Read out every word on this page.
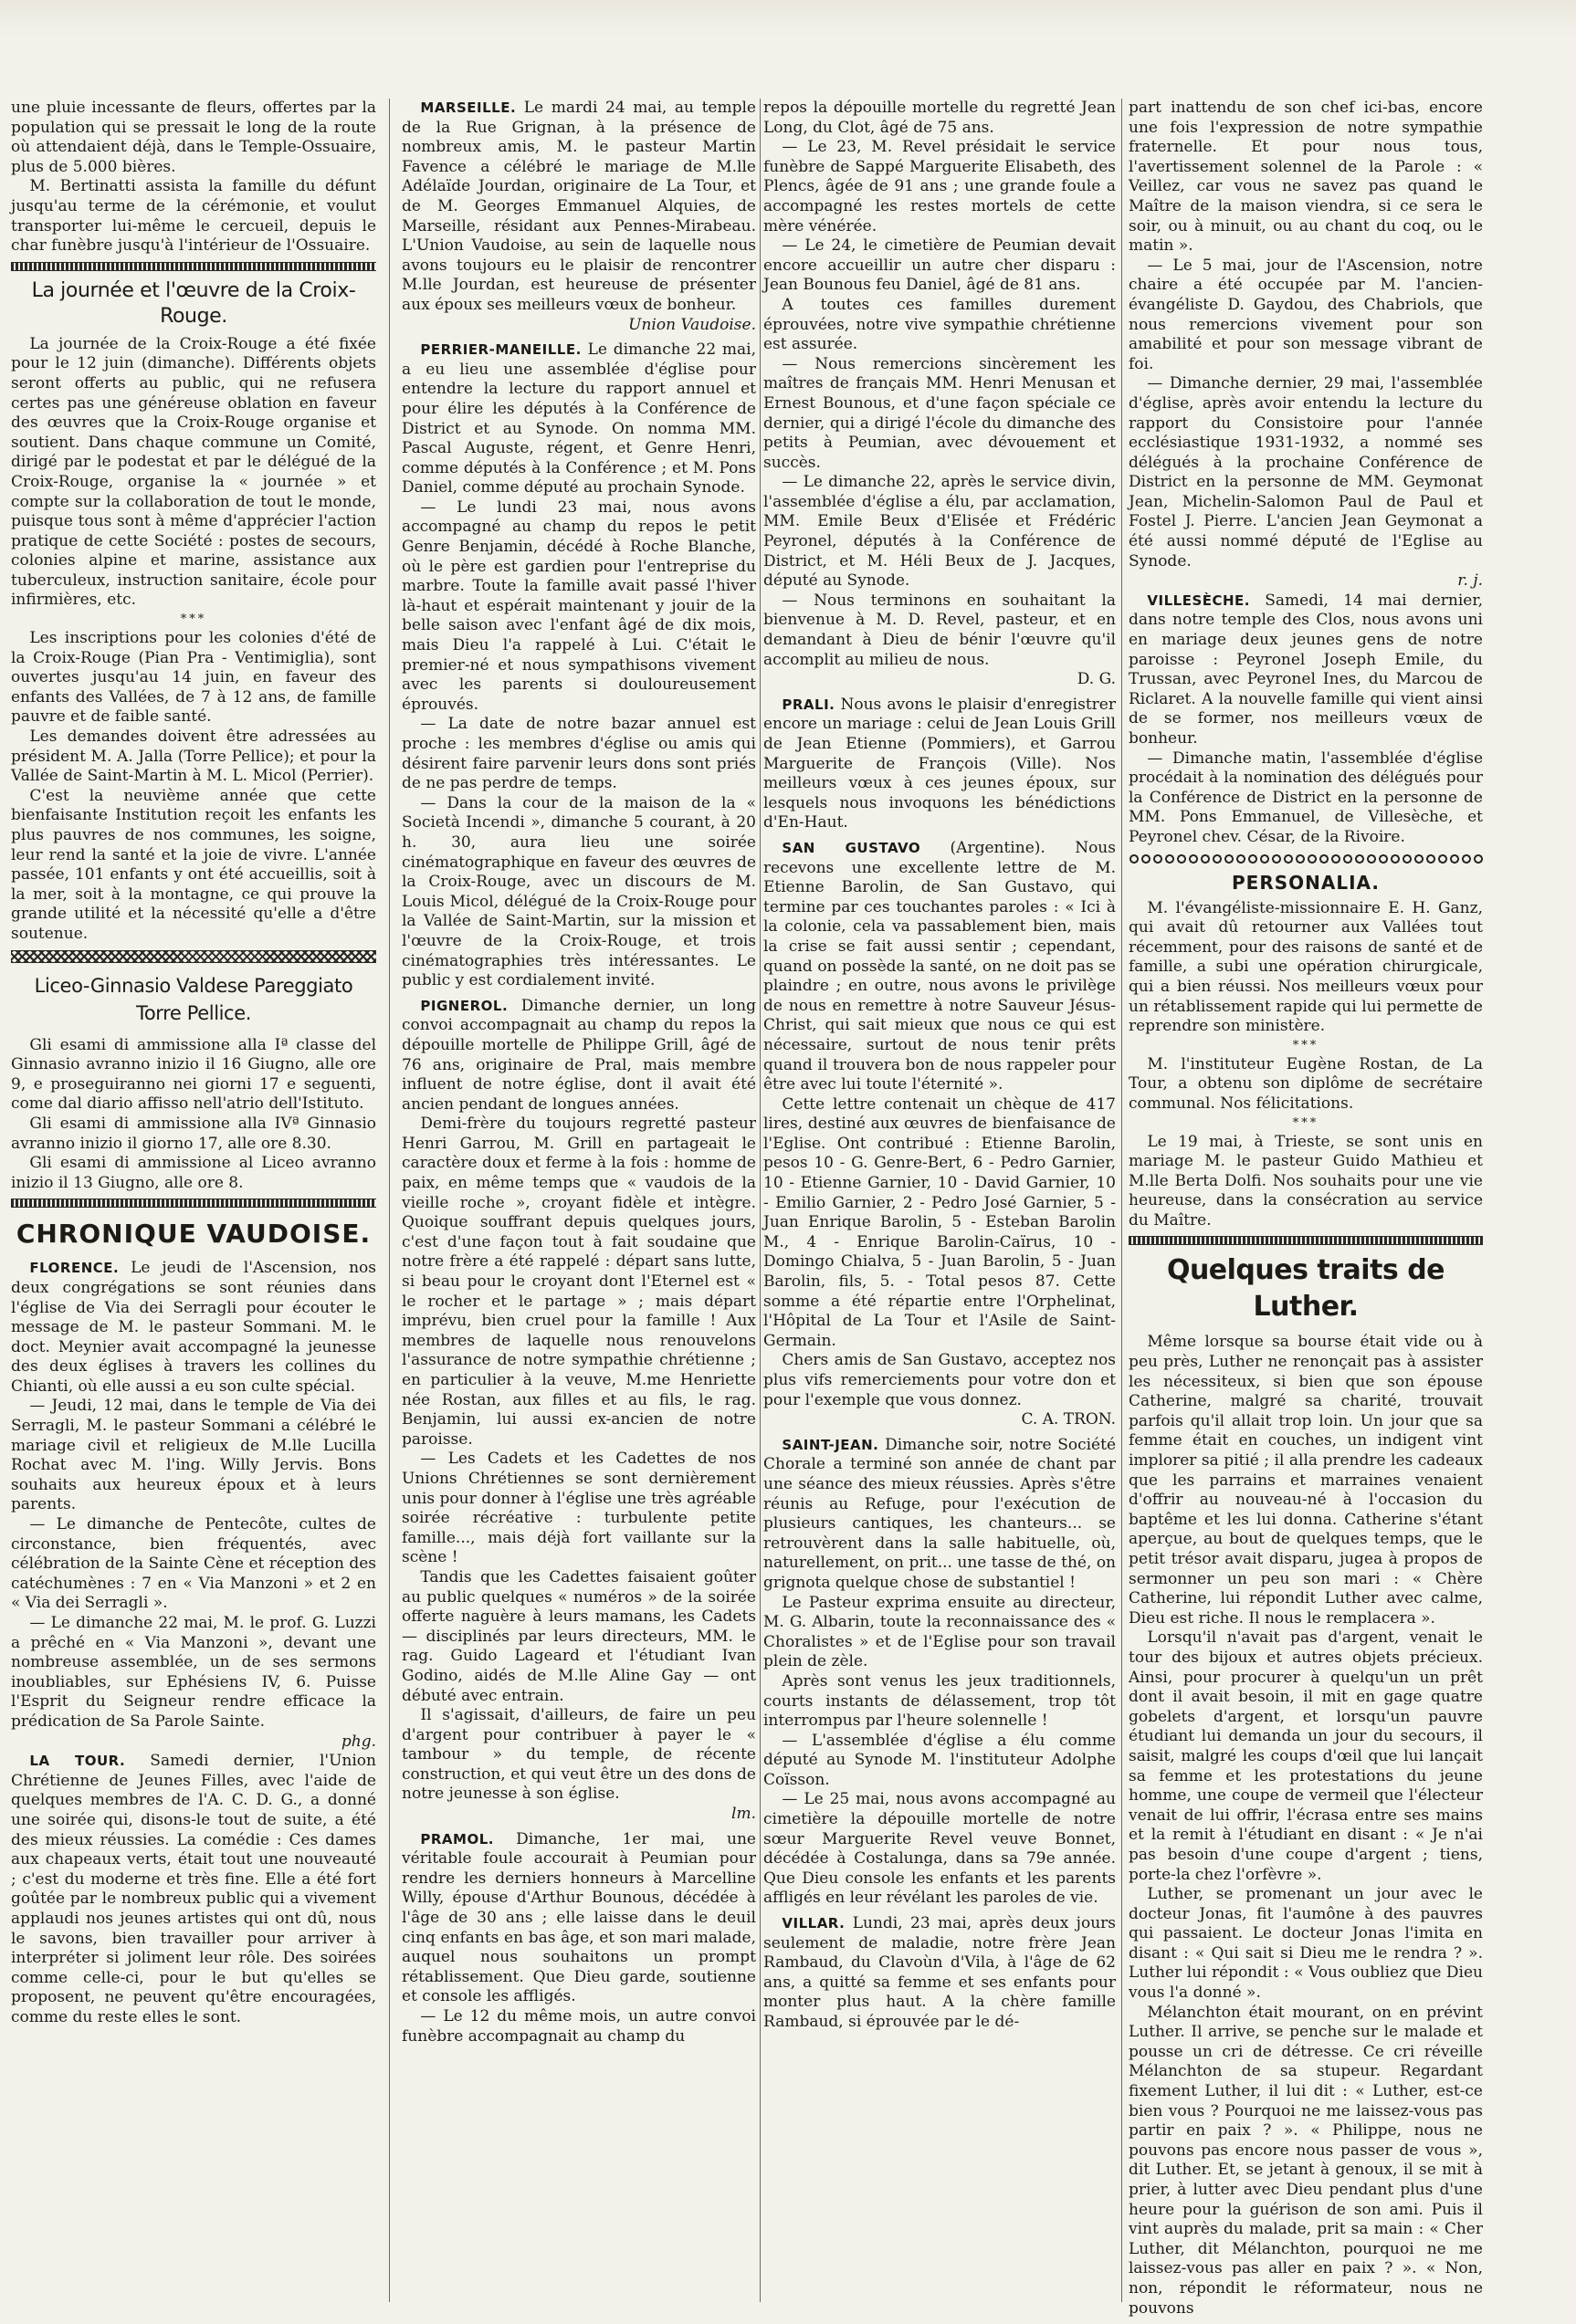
une pluie incessante de fleurs, offertes par la population qui se pressait le long de la route où attendaient déjà, dans le Temple-Ossuaire, plus de 5.000 bières.

M. Bertinatti assista la famille du défunt jusqu'au terme de la cérémonie, et voulut transporter lui-même le cercueil, depuis le char funèbre jusqu'à l'intérieur de l'Ossuaire.

La journée et l'œuvre de la Croix-Rouge.

La journée de la Croix-Rouge a été fixée pour le 12 juin (dimanche). Différents objets seront offerts au public, qui ne refusera certes pas une généreuse oblation en faveur des œuvres que la Croix-Rouge organise et soutient. Dans chaque commune un Comité, dirigé par le podestat et par le délégué de la Croix-Rouge, organise la « journée » et compte sur la collaboration de tout le monde, puisque tous sont à même d'apprécier l'action pratique de cette Société : postes de secours, colonies alpine et marine, assistance aux tuberculeux, instruction sanitaire, école pour infirmières, etc.

***

Les inscriptions pour les colonies d'été de la Croix-Rouge (Pian Pra - Ventimiglia), sont ouvertes jusqu'au 14 juin, en faveur des enfants des Vallées, de 7 à 12 ans, de famille pauvre et de faible santé.

Les demandes doivent être adressées au président M. A. Jalla (Torre Pellice); et pour la Vallée de Saint-Martin à M. L. Micol (Perrier).

C'est la neuvième année que cette bienfaisante Institution reçoit les enfants les plus pauvres de nos communes, les soigne, leur rend la santé et la joie de vivre. L'année passée, 101 enfants y ont été accueillis, soit à la mer, soit à la montagne, ce qui prouve la grande utilité et la nécessité qu'elle a d'être soutenue.

Liceo-Ginnasio Valdese Pareggiato Torre Pellice.

Gli esami di ammissione alla Iª classe del Ginnasio avranno inizio il 16 Giugno, alle ore 9, e proseguiranno nei giorni 17 e seguenti, come dal diario affisso nell'atrio dell'Istituto.

Gli esami di ammissione alla IVª Ginnasio avranno inizio il giorno 17, alle ore 8.30.

Gli esami di ammissione al Liceo avranno inizio il 13 Giugno, alle ore 8.

CHRONIQUE VAUDOISE.

FLORENCE. Le jeudi de l'Ascension, nos deux congrégations se sont réunies dans l'église de Via dei Serragli pour écouter le message de M. le pasteur Sommani. M. le doct. Meynier avait accompagné la jeunesse des deux églises à travers les collines du Chianti, où elle aussi a eu son culte spécial.

— Jeudi, 12 mai, dans le temple de Via dei Serragli, M. le pasteur Sommani a célébré le mariage civil et religieux de M.lle Lucilla Rochat avec M. l'ing. Willy Jervis. Bons souhaits aux heureux époux et à leurs parents.

— Le dimanche de Pentecôte, cultes de circonstance, bien fréquentés, avec célébration de la Sainte Cène et réception des catéchumènes : 7 en « Via Manzoni » et 2 en « Via dei Serragli ».

— Le dimanche 22 mai, M. le prof. G. Luzzi a prêché en « Via Manzoni », devant une nombreuse assemblée, un de ses sermons inoubliables, sur Ephésiens IV, 6. Puisse l'Esprit du Seigneur rendre efficace la prédication de Sa Parole Sainte.

phg.

LA TOUR. Samedi dernier, l'Union Chrétienne de Jeunes Filles, avec l'aide de quelques membres de l'A. C. D. G., a donné une soirée qui, disons-le tout de suite, a été des mieux réussies. La comédie : Ces dames aux chapeaux verts, était tout une nouveauté ; c'est du moderne et très fine. Elle a été fort goûtée par le nombreux public qui a vivement applaudi nos jeunes artistes qui ont dû, nous le savons, bien travailler pour arriver à interpréter si joliment leur rôle. Des soirées comme celle-ci, pour le but qu'elles se proposent, ne peuvent qu'être encouragées, comme du reste elles le sont.

MARSEILLE. Le mardi 24 mai, au temple de la Rue Grignan, à la présence de nombreux amis, M. le pasteur Martin Favence a célébré le mariage de M.lle Adélaïde Jourdan, originaire de La Tour, et de M. Georges Emmanuel Alquies, de Marseille, résidant aux Pennes-Mirabeau. L'Union Vaudoise, au sein de laquelle nous avons toujours eu le plaisir de rencontrer M.lle Jourdan, est heureuse de présenter aux époux ses meilleurs vœux de bonheur.

Union Vaudoise.

PERRIER-MANEILLE. Le dimanche 22 mai, a eu lieu une assemblée d'église pour entendre la lecture du rapport annuel et pour élire les députés à la Conférence de District et au Synode. On nomma MM. Pascal Auguste, régent, et Genre Henri, comme députés à la Conférence ; et M. Pons Daniel, comme député au prochain Synode.

— Le lundi 23 mai, nous avons accompagné au champ du repos le petit Genre Benjamin, décédé à Roche Blanche, où le père est gardien pour l'entreprise du marbre. Toute la famille avait passé l'hiver là-haut et espérait maintenant y jouir de la belle saison avec l'enfant âgé de dix mois, mais Dieu l'a rappelé à Lui. C'était le premier-né et nous sympathisons vivement avec les parents si douloureusement éprouvés.

— La date de notre bazar annuel est proche : les membres d'église ou amis qui désirent faire parvenir leurs dons sont priés de ne pas perdre de temps.

— Dans la cour de la maison de la « Società Incendi », dimanche 5 courant, à 20 h. 30, aura lieu une soirée cinématographique en faveur des œuvres de la Croix-Rouge, avec un discours de M. Louis Micol, délégué de la Croix-Rouge pour la Vallée de Saint-Martin, sur la mission et l'œuvre de la Croix-Rouge, et trois cinématographies très intéressantes. Le public y est cordialement invité.

PIGNEROL. Dimanche dernier, un long convoi accompagnait au champ du repos la dépouille mortelle de Philippe Grill, âgé de 76 ans, originaire de Pral, mais membre influent de notre église, dont il avait été ancien pendant de longues années.

Demi-frère du toujours regretté pasteur Henri Garrou, M. Grill en partageait le caractère doux et ferme à la fois : homme de paix, en même temps que « vaudois de la vieille roche », croyant fidèle et intègre. Quoique souffrant depuis quelques jours, c'est d'une façon tout à fait soudaine que notre frère a été rappelé : départ sans lutte, si beau pour le croyant dont l'Eternel est « le rocher et le partage » ; mais départ imprévu, bien cruel pour la famille ! Aux membres de laquelle nous renouvelons l'assurance de notre sympathie chrétienne ; en particulier à la veuve, M.me Henriette née Rostan, aux filles et au fils, le rag. Benjamin, lui aussi ex-ancien de notre paroisse.

— Les Cadets et les Cadettes de nos Unions Chrétiennes se sont dernièrement unis pour donner à l'église une très agréable soirée récréative : turbulente petite famille..., mais déjà fort vaillante sur la scène !

Tandis que les Cadettes faisaient goûter au public quelques « numéros » de la soirée offerte naguère à leurs mamans, les Cadets — disciplinés par leurs directeurs, MM. le rag. Guido Lageard et l'étudiant Ivan Godino, aidés de M.lle Aline Gay — ont débuté avec entrain.

Il s'agissait, d'ailleurs, de faire un peu d'argent pour contribuer à payer le « tambour » du temple, de récente construction, et qui veut être un des dons de notre jeunesse à son église.

lm.

PRAMOL. Dimanche, 1er mai, une véritable foule accourait à Peumian pour rendre les derniers honneurs à Marcelline Willy, épouse d'Arthur Bounous, décédée à l'âge de 30 ans ; elle laisse dans le deuil cinq enfants en bas âge, et son mari malade, auquel nous souhaitons un prompt rétablissement. Que Dieu garde, soutienne et console les affligés.

— Le 12 du même mois, un autre convoi funèbre accompagnait au champ du

repos la dépouille mortelle du regretté Jean Long, du Clot, âgé de 75 ans.

— Le 23, M. Revel présidait le service funèbre de Sappé Marguerite Elisabeth, des Plencs, âgée de 91 ans ; une grande foule a accompagné les restes mortels de cette mère vénérée.

— Le 24, le cimetière de Peumian devait encore accueillir un autre cher disparu : Jean Bounous feu Daniel, âgé de 81 ans.

A toutes ces familles durement éprouvées, notre vive sympathie chrétienne est assurée.

— Nous remercions sincèrement les maîtres de français MM. Henri Menusan et Ernest Bounous, et d'une façon spéciale ce dernier, qui a dirigé l'école du dimanche des petits à Peumian, avec dévouement et succès.

— Le dimanche 22, après le service divin, l'assemblée d'église a élu, par acclamation, MM. Emile Beux d'Elisée et Frédéric Peyronel, députés à la Conférence de District, et M. Héli Beux de J. Jacques, député au Synode.

— Nous terminons en souhaitant la bienvenue à M. D. Revel, pasteur, et en demandant à Dieu de bénir l'œuvre qu'il accomplit au milieu de nous.

D. G.

PRALI. Nous avons le plaisir d'enregistrer encore un mariage : celui de Jean Louis Grill de Jean Etienne (Pommiers), et Garrou Marguerite de François (Ville). Nos meilleurs vœux à ces jeunes époux, sur lesquels nous invoquons les bénédictions d'En-Haut.

SAN GUSTAVO (Argentine). Nous recevons une excellente lettre de M. Etienne Barolin, de San Gustavo, qui termine par ces touchantes paroles : « Ici à la colonie, cela va passablement bien, mais la crise se fait aussi sentir ; cependant, quand on possède la santé, on ne doit pas se plaindre ; en outre, nous avons le privilège de nous en remettre à notre Sauveur Jésus-Christ, qui sait mieux que nous ce qui est nécessaire, surtout de nous tenir prêts quand il trouvera bon de nous rappeler pour être avec lui toute l'éternité ».

Cette lettre contenait un chèque de 417 lires, destiné aux œuvres de bienfaisance de l'Eglise. Ont contribué : Etienne Barolin, pesos 10 - G. Genre-Bert, 6 - Pedro Garnier, 10 - Etienne Garnier, 10 - David Garnier, 10 - Emilio Garnier, 2 - Pedro José Garnier, 5 - Juan Enrique Barolin, 5 - Esteban Barolin M., 4 - Enrique Barolin-Caïrus, 10 - Domingo Chialva, 5 - Juan Barolin, 5 - Juan Barolin, fils, 5. - Total pesos 87. Cette somme a été répartie entre l'Orphelinat, l'Hôpital de La Tour et l'Asile de Saint-Germain.

Chers amis de San Gustavo, acceptez nos plus vifs remerciements pour votre don et pour l'exemple que vous donnez.

C. A. TRON.

SAINT-JEAN. Dimanche soir, notre Société Chorale a terminé son année de chant par une séance des mieux réussies. Après s'être réunis au Refuge, pour l'exécution de plusieurs cantiques, les chanteurs... se retrouvèrent dans la salle habituelle, où, naturellement, on prit... une tasse de thé, on grignota quelque chose de substantiel !

Le Pasteur exprima ensuite au directeur, M. G. Albarin, toute la reconnaissance des « Choralistes » et de l'Eglise pour son travail plein de zèle.

Après sont venus les jeux traditionnels, courts instants de délassement, trop tôt interrompus par l'heure solennelle !

— L'assemblée d'église a élu comme député au Synode M. l'instituteur Adolphe Coïsson.

— Le 25 mai, nous avons accompagné au cimetière la dépouille mortelle de notre sœur Marguerite Revel veuve Bonnet, décédée à Costalunga, dans sa 79e année. Que Dieu console les enfants et les parents affligés en leur révélant les paroles de vie.

VILLAR. Lundi, 23 mai, après deux jours seulement de maladie, notre frère Jean Rambaud, du Clavoùn d'Vila, à l'âge de 62 ans, a quitté sa femme et ses enfants pour monter plus haut. A la chère famille Rambaud, si éprouvée par le dé-

part inattendu de son chef ici-bas, encore une fois l'expression de notre sympathie fraternelle. Et pour nous tous, l'avertissement solennel de la Parole : « Veillez, car vous ne savez pas quand le Maître de la maison viendra, si ce sera le soir, ou à minuit, ou au chant du coq, ou le matin ».

— Le 5 mai, jour de l'Ascension, notre chaire a été occupée par M. l'ancien-évangéliste D. Gaydou, des Chabriols, que nous remercions vivement pour son amabilité et pour son message vibrant de foi.

— Dimanche dernier, 29 mai, l'assemblée d'église, après avoir entendu la lecture du rapport du Consistoire pour l'année ecclésiastique 1931-1932, a nommé ses délégués à la prochaine Conférence de District en la personne de MM. Geymonat Jean, Michelin-Salomon Paul de Paul et Fostel J. Pierre. L'ancien Jean Geymonat a été aussi nommé député de l'Eglise au Synode.

r. j.

VILLESÈCHE. Samedi, 14 mai dernier, dans notre temple des Clos, nous avons uni en mariage deux jeunes gens de notre paroisse : Peyronel Joseph Emile, du Trussan, avec Peyronel Ines, du Marcou de Riclaret. A la nouvelle famille qui vient ainsi de se former, nos meilleurs vœux de bonheur.

— Dimanche matin, l'assemblée d'église procédait à la nomination des délégués pour la Conférence de District en la personne de MM. Pons Emmanuel, de Villesèche, et Peyronel chev. César, de la Rivoire.

PERSONALIA.

M. l'évangéliste-missionnaire E. H. Ganz, qui avait dû retourner aux Vallées tout récemment, pour des raisons de santé et de famille, a subi une opération chirurgicale, qui a bien réussi. Nos meilleurs vœux pour un rétablissement rapide qui lui permette de reprendre son ministère.

***

M. l'instituteur Eugène Rostan, de La Tour, a obtenu son diplôme de secrétaire communal. Nos félicitations.

***

Le 19 mai, à Trieste, se sont unis en mariage M. le pasteur Guido Mathieu et M.lle Berta Dolfi. Nos souhaits pour une vie heureuse, dans la consécration au service du Maître.

Quelques traits de Luther.

Même lorsque sa bourse était vide ou à peu près, Luther ne renonçait pas à assister les nécessiteux, si bien que son épouse Catherine, malgré sa charité, trouvait parfois qu'il allait trop loin. Un jour que sa femme était en couches, un indigent vint implorer sa pitié ; il alla prendre les cadeaux que les parrains et marraines venaient d'offrir au nouveau-né à l'occasion du baptême et les lui donna. Catherine s'étant aperçue, au bout de quelques temps, que le petit trésor avait disparu, jugea à propos de sermonner un peu son mari : « Chère Catherine, lui répondit Luther avec calme, Dieu est riche. Il nous le remplacera ».

Lorsqu'il n'avait pas d'argent, venait le tour des bijoux et autres objets précieux. Ainsi, pour procurer à quelqu'un un prêt dont il avait besoin, il mit en gage quatre gobelets d'argent, et lorsqu'un pauvre étudiant lui demanda un jour du secours, il saisit, malgré les coups d'œil que lui lançait sa femme et les protestations du jeune homme, une coupe de vermeil que l'électeur venait de lui offrir, l'écrasa entre ses mains et la remit à l'étudiant en disant : « Je n'ai pas besoin d'une coupe d'argent ; tiens, porte-la chez l'orfèvre ».

Luther, se promenant un jour avec le docteur Jonas, fit l'aumône à des pauvres qui passaient. Le docteur Jonas l'imita en disant : « Qui sait si Dieu me le rendra ? ». Luther lui répondit : « Vous oubliez que Dieu vous l'a donné ».

Mélanchton était mourant, on en prévint Luther. Il arrive, se penche sur le malade et pousse un cri de détresse. Ce cri réveille Mélanchton de sa stupeur. Regardant fixement Luther, il lui dit : « Luther, est-ce bien vous ? Pourquoi ne me laissez-vous pas partir en paix ? ». « Philippe, nous ne pouvons pas encore nous passer de vous », dit Luther. Et, se jetant à genoux, il se mit à prier, à lutter avec Dieu pendant plus d'une heure pour la guérison de son ami. Puis il vint auprès du malade, prit sa main : « Cher Luther, dit Mélanchton, pourquoi ne me laissez-vous pas aller en paix ? ». « Non, non, répondit le réformateur, nous ne pouvons
